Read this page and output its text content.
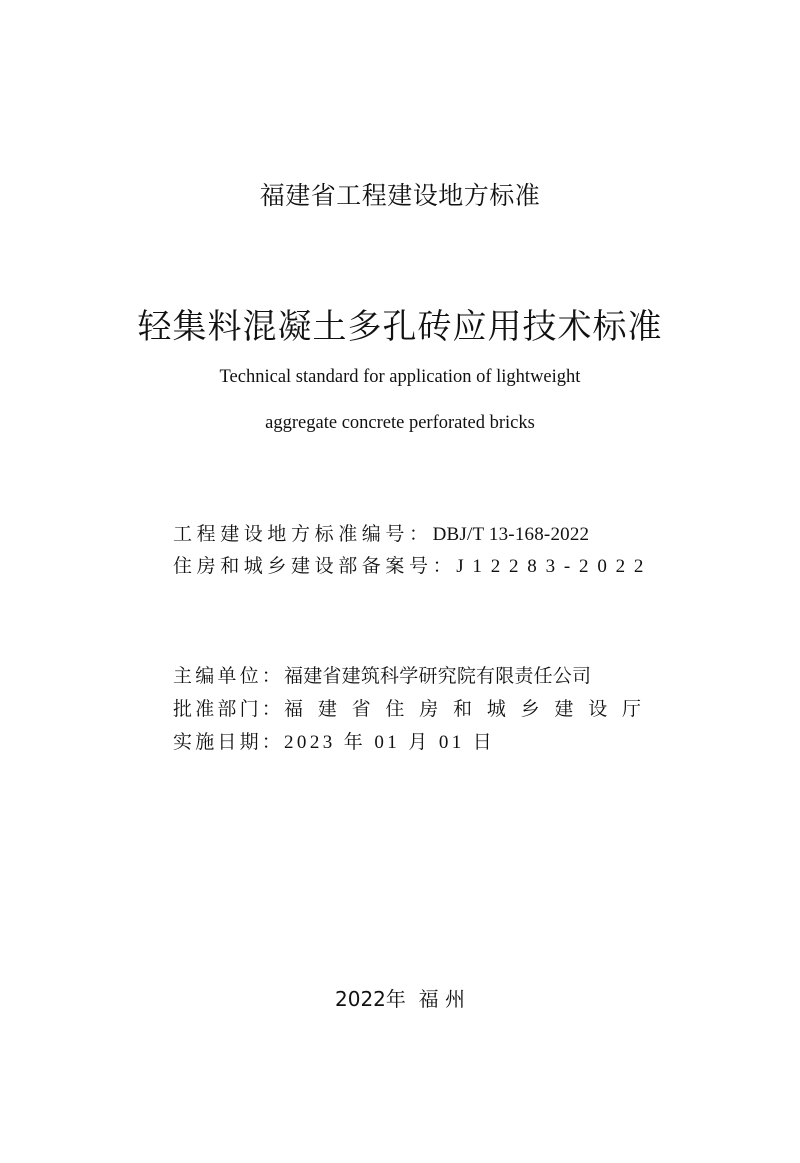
福建省工程建设地方标准
轻集料混凝土多孔砖应用技术标准
Technical standard for application of lightweight
aggregate concrete perforated bricks
工程建设地方标准编号： DBJ/T 13-168-2022
住房和城乡建设部备案号： J12283-2022
主编单位： 福建省建筑科学研究院有限责任公司
批准部门： 福建省住房和城乡建设厅
实施日期： 2023 年 01 月 01 日
2022年  福 州
